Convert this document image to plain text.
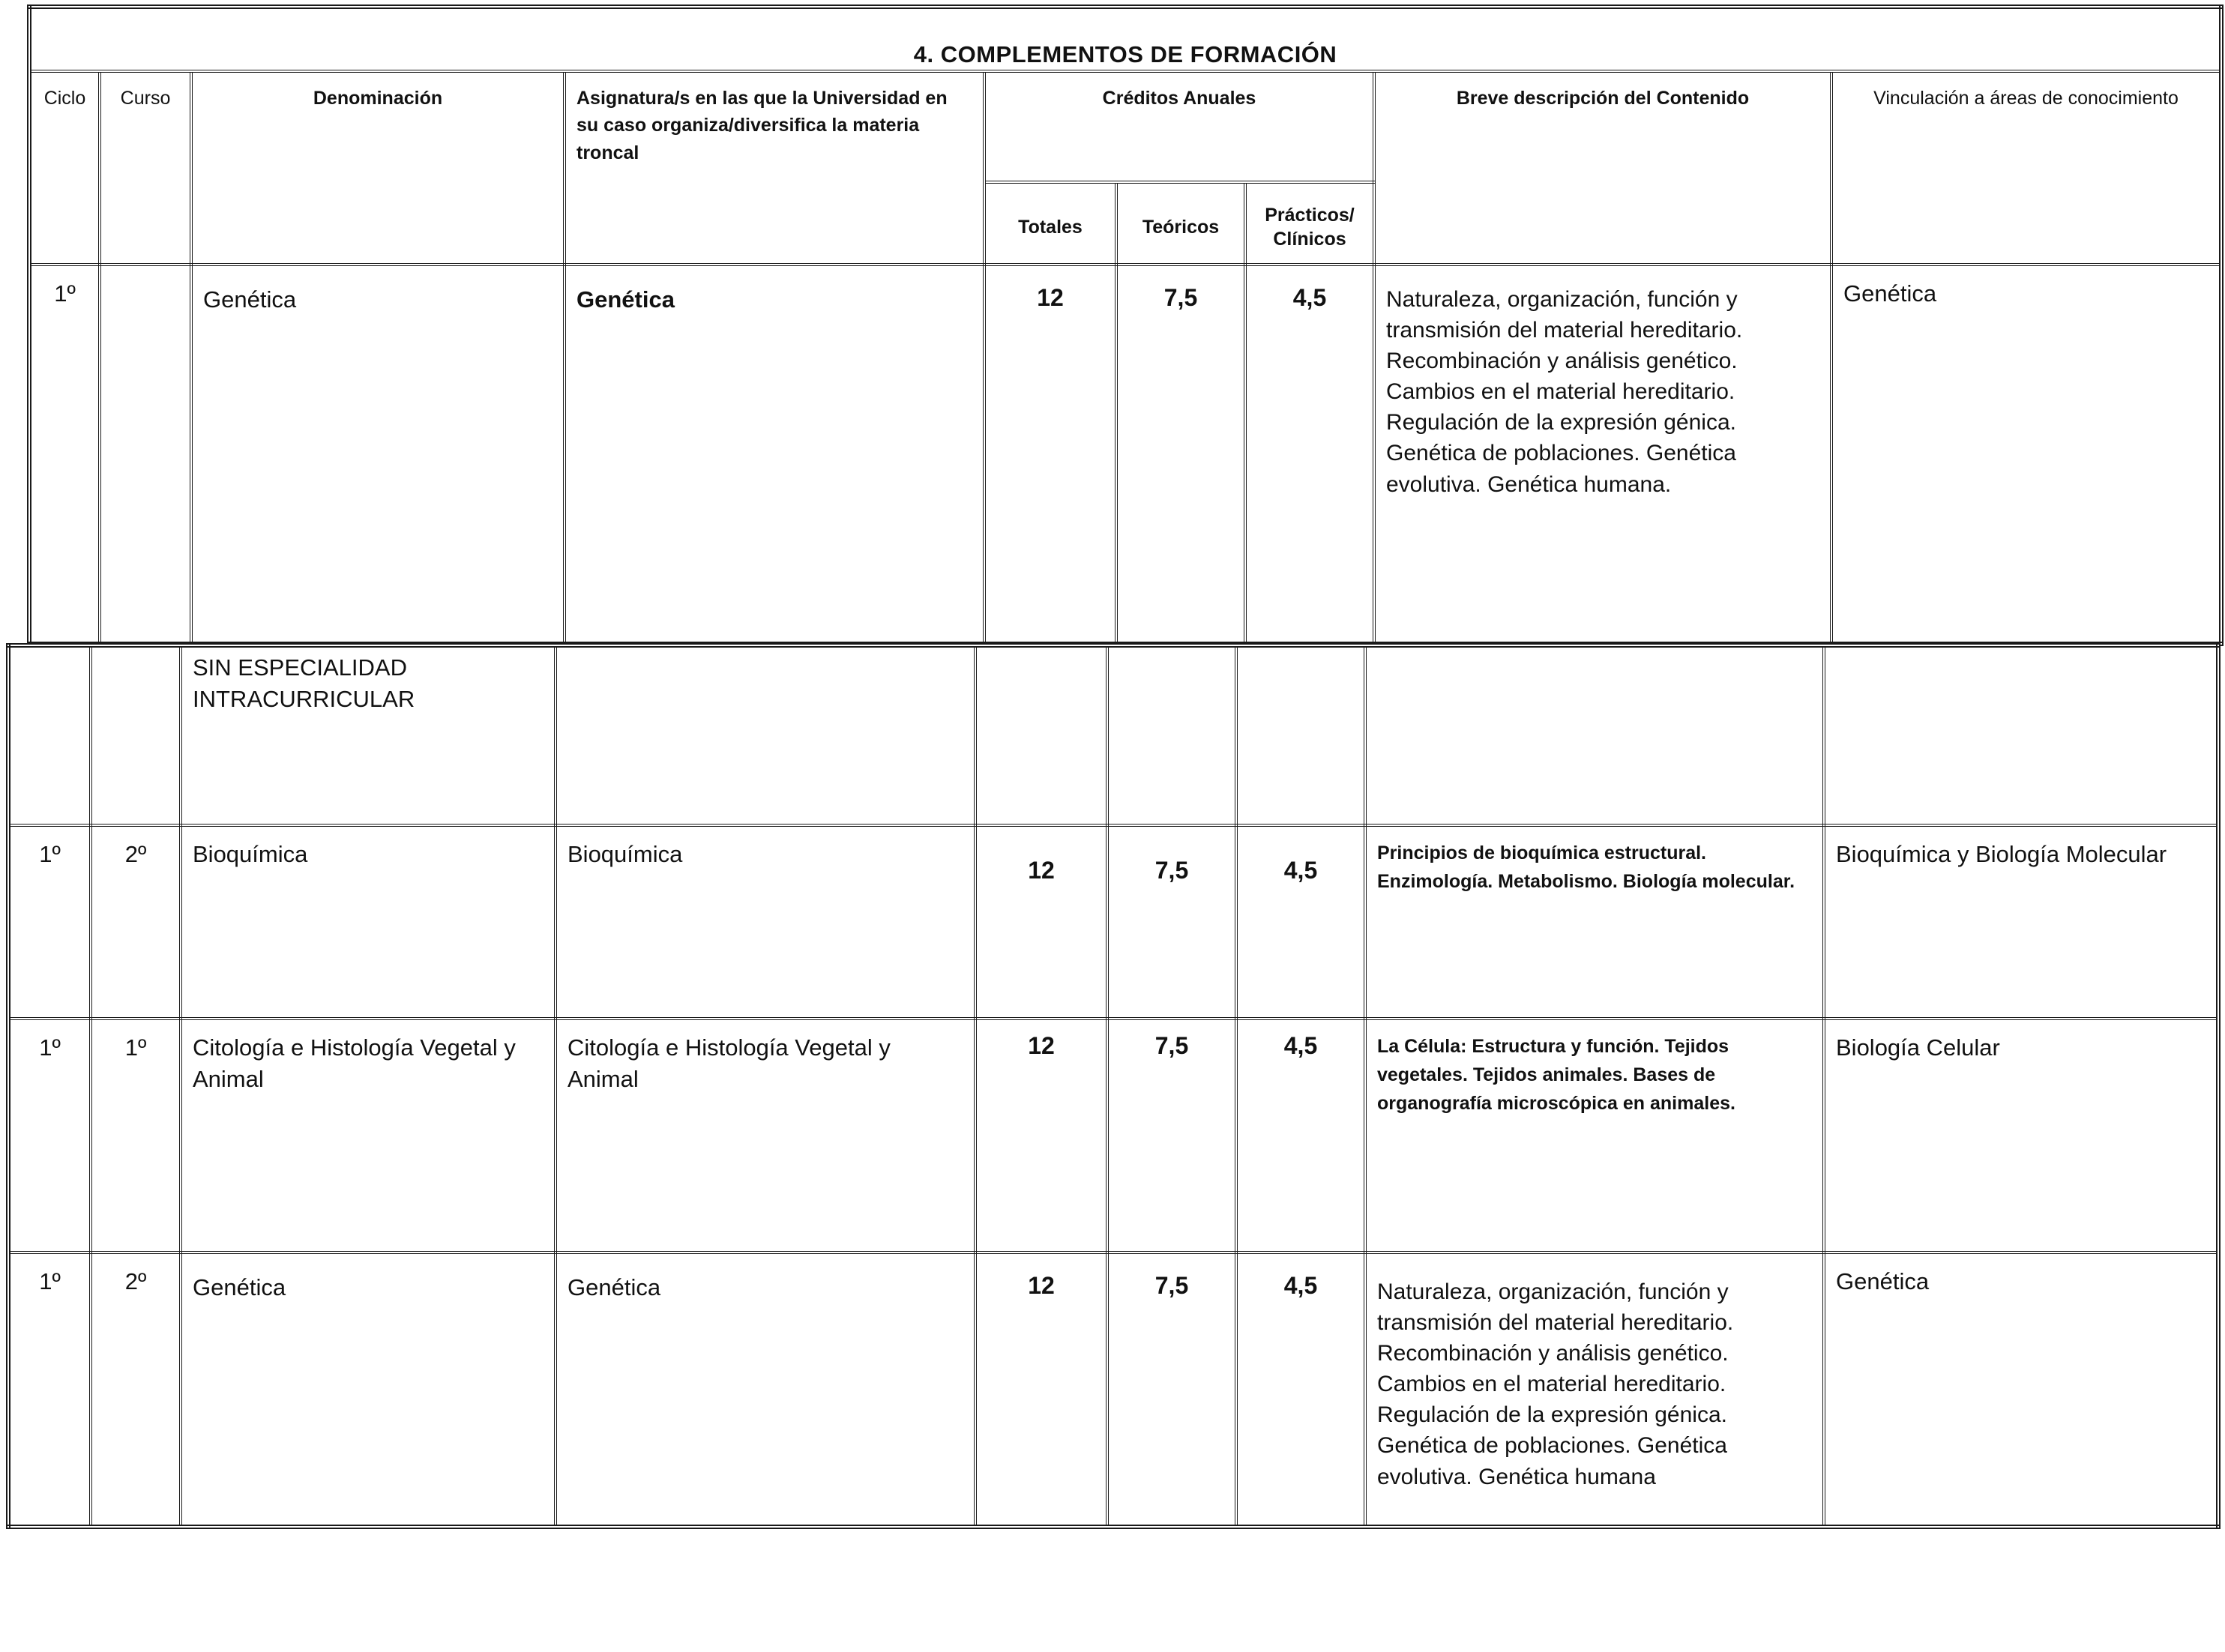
4. COMPLEMENTOS DE FORMACIÓN								
Ciclo	Curso	Denominación	Asignatura/s en las que la Universidad en su caso organiza/diversifica la materia troncal	Créditos Anuales			Breve descripción del Contenido	Vinculación a áreas de conocimiento
				Totales	Teóricos	Prácticos/ Clínicos		
1º		Genética	Genética	12	7,5	4,5	Naturaleza, organización, función y transmisión del material hereditario. Recombinación y análisis genético. Cambios en el material hereditario. Regulación de la expresión génica. Genética de poblaciones. Genética evolutiva. Genética humana.	Genética
		SIN ESPECIALIDAD INTRACURRICULAR						
1º	2º	Bioquímica	Bioquímica	12	7,5	4,5	Principios de bioquímica estructural. Enzimología. Metabolismo. Biología molecular.	Bioquímica y Biología Molecular
1º	1º	Citología e Histología Vegetal y Animal	Citología e Histología Vegetal y Animal	12	7,5	4,5	La Célula: Estructura y función. Tejidos vegetales. Tejidos animales. Bases de organografía microscópica en animales.	Biología Celular
1º	2º	Genética	Genética	12	7,5	4,5	Naturaleza, organización, función y transmisión del material hereditario. Recombinación y análisis genético. Cambios en el material hereditario. Regulación de la expresión génica. Genética de poblaciones. Genética evolutiva. Genética humana	Genética
